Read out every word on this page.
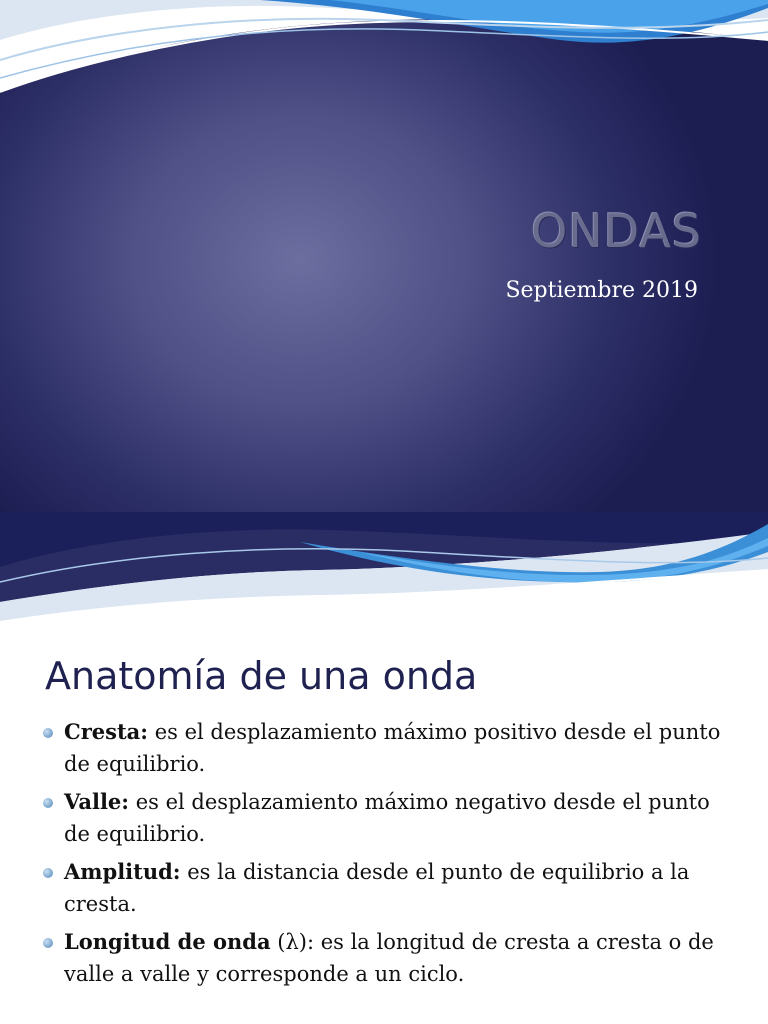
ONDAS

Septiembre 2019

Anatomía de una onda
Cresta: es el desplazamiento máximo positivo desde el punto de equilibrio.
Valle: es el desplazamiento máximo negativo desde el punto de equilibrio.
Amplitud: es la distancia desde el punto de equilibrio a la cresta.
Longitud de onda (λ): es la longitud de cresta a cresta o de valle a valle y corresponde a un ciclo.
